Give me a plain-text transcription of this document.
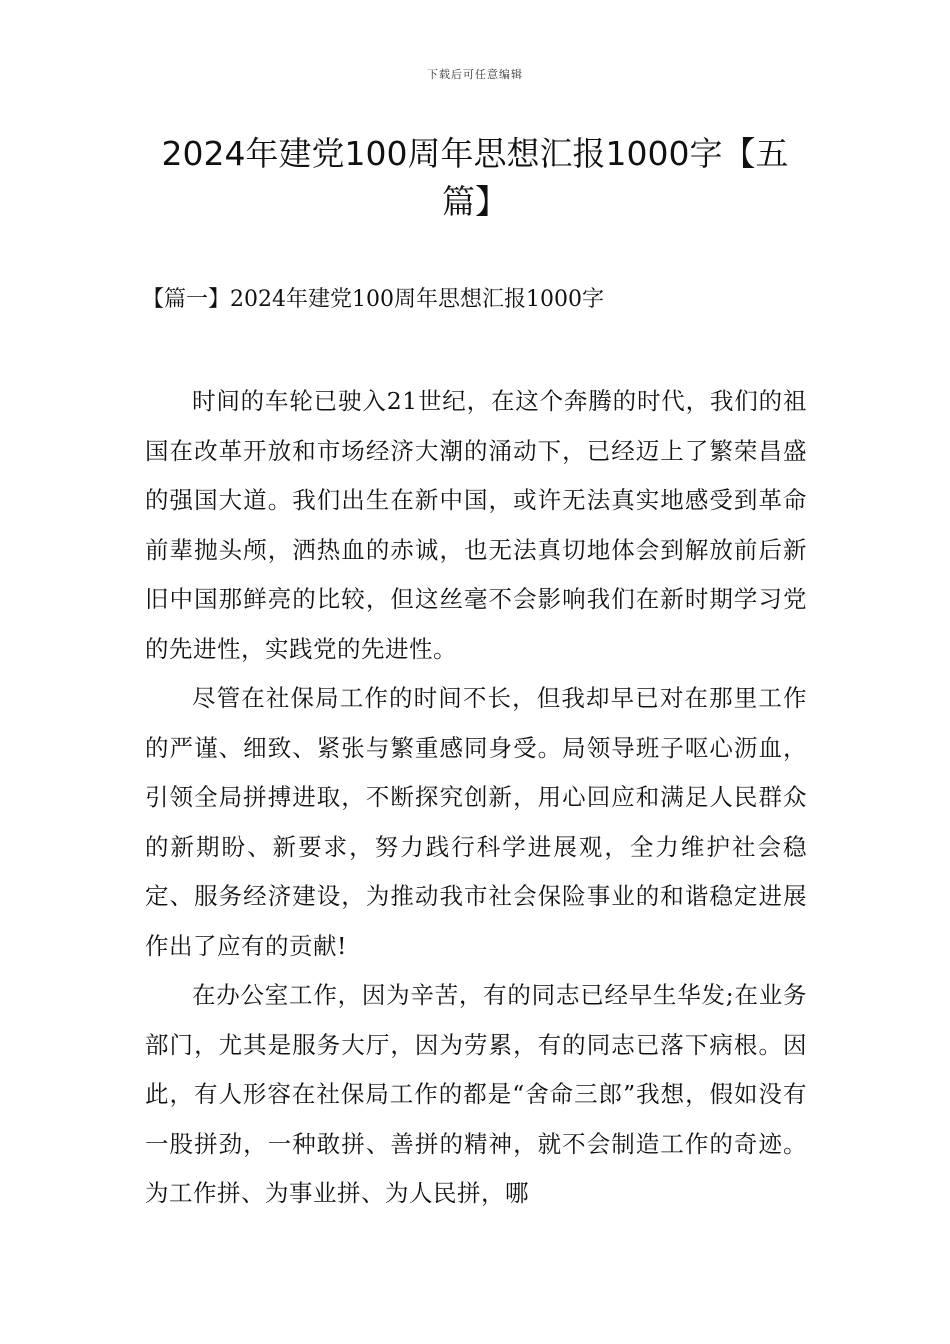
下载后可任意编辑
2024年建党100周年思想汇报1000字【五篇】
【篇一】2024年建党100周年思想汇报1000字

时间的车轮已驶入21世纪，在这个奔腾的时代，我们的祖国在改革开放和市场经济大潮的涌动下，已经迈上了繁荣昌盛的强国大道。我们出生在新中国，或许无法真实地感受到革命前辈抛头颅，洒热血的赤诚，也无法真切地体会到解放前后新旧中国那鲜亮的比较，但这丝毫不会影响我们在新时期学习党的先进性，实践党的先进性。

尽管在社保局工作的时间不长，但我却早已对在那里工作的严谨、细致、紧张与繁重感同身受。局领导班子呕心沥血，引领全局拼搏进取，不断探究创新，用心回应和满足人民群众的新期盼、新要求，努力践行科学进展观，全力维护社会稳定、服务经济建设，为推动我市社会保险事业的和谐稳定进展作出了应有的贡献!

在办公室工作，因为辛苦，有的同志已经早生华发;在业务部门，尤其是服务大厅，因为劳累，有的同志已落下病根。因此，有人形容在社保局工作的都是“舍命三郎”我想，假如没有一股拼劲，一种敢拼、善拼的精神，就不会制造工作的奇迹。为工作拼、为事业拼、为人民拼，哪
